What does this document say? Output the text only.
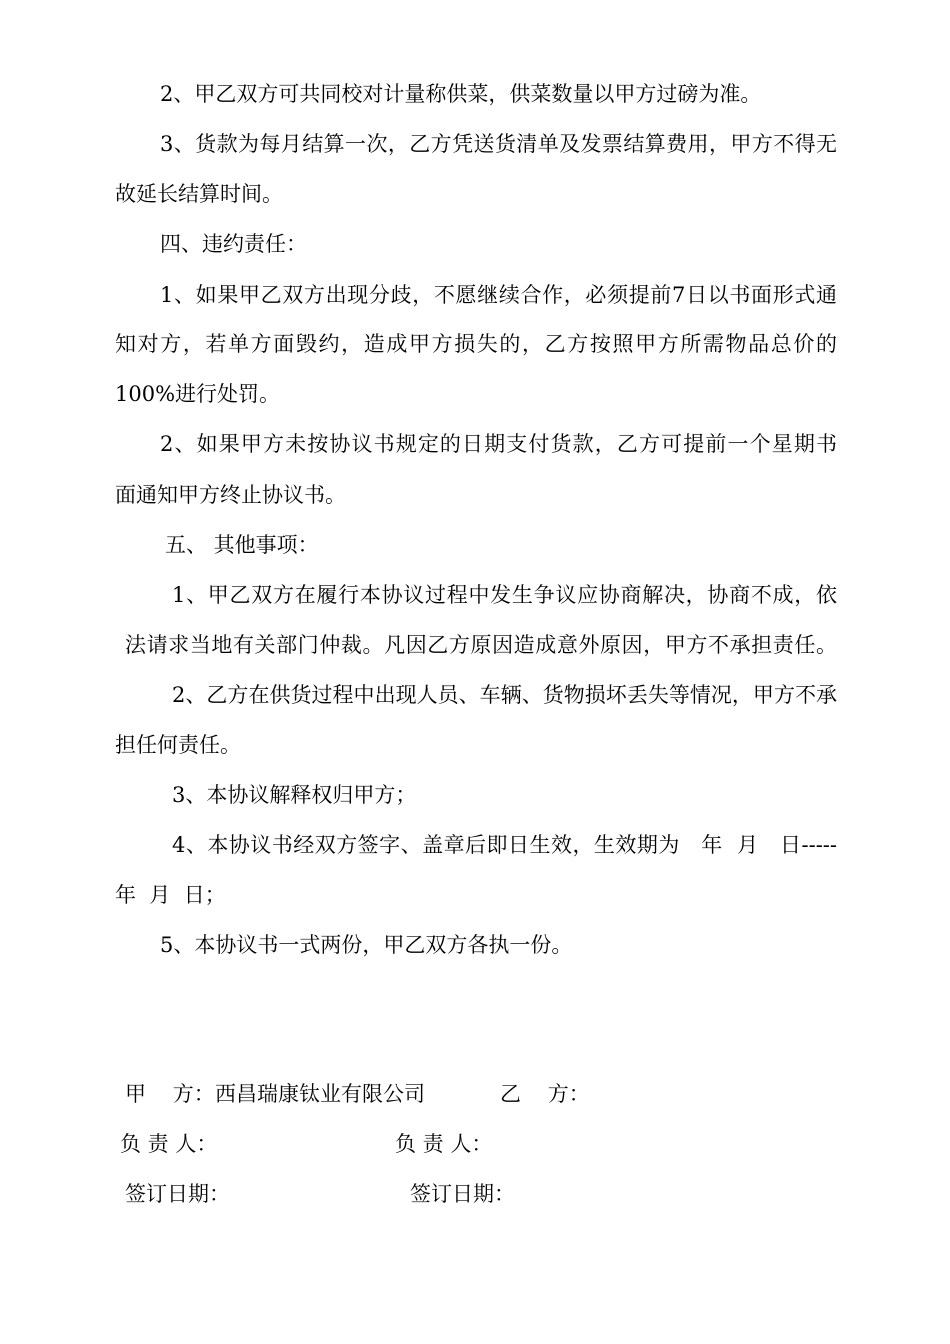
2、甲乙双方可共同校对计量称供菜，供菜数量以甲方过磅为准。
3、货款为每月结算一次，乙方凭送货清单及发票结算费用，甲方不得无
故延长结算时间。
四、违约责任：
1、如果甲乙双方出现分歧，不愿继续合作，必须提前7日以书面形式通
知对方，若单方面毁约，造成甲方损失的，乙方按照甲方所需物品总价的
100%进行处罚。
2、如果甲方未按协议书规定的日期支付货款，乙方可提前一个星期书
面通知甲方终止协议书。
五、 其他事项：
1、甲乙双方在履行本协议过程中发生争议应协商解决，协商不成，依
法请求当地有关部门仲裁。凡因乙方原因造成意外原因，甲方不承担责任。
2、乙方在供货过程中出现人员、车辆、货物损坏丢失等情况，甲方不承
担任何责任。
3、本协议解释权归甲方；
4、本协议书经双方签字、盖章后即日生效，生效期为   年  月   日-----
年  月  日；
5、本协议书一式两份，甲乙双方各执一份。
甲    方： 西昌瑞康钛业有限公司	乙    方：
负 责 人：	负 责 人：
签订日期：	签订日期：
